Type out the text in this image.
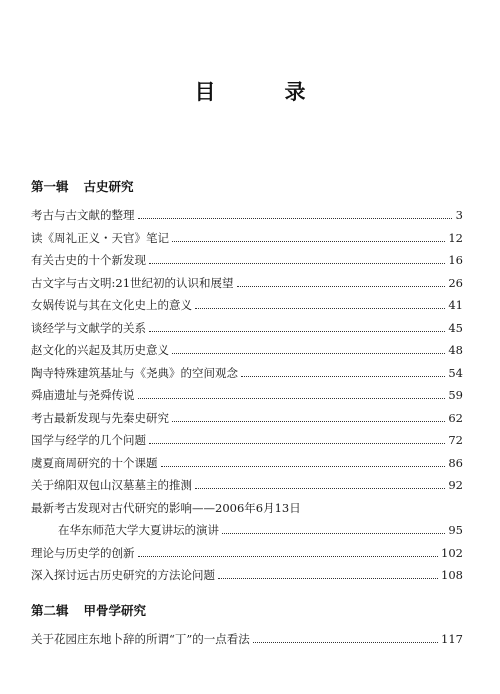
目　录
第一辑 古史研究
考古与古文献的整理	3
读《周礼正义・天官》笔记	12
有关古史的十个新发现	16
古文字与古文明:21世纪初的认识和展望	26
女娲传说与其在文化史上的意义	41
谈经学与文献学的关系	45
赵文化的兴起及其历史意义	48
陶寺特殊建筑基址与《尧典》的空间观念	54
舜庙遗址与尧舜传说	59
考古最新发现与先秦史研究	62
国学与经学的几个问题	72
虞夏商周研究的十个课题	86
关于绵阳双包山汉墓墓主的推测	92
最新考古发现对古代研究的影响——2006年6月13日
在华东师范大学大夏讲坛的演讲	95
理论与历史学的创新	102
深入探讨远古历史研究的方法论问题	108
第二辑 甲骨学研究
关于花园庄东地卜辞的所谓“丁”的一点看法	117
